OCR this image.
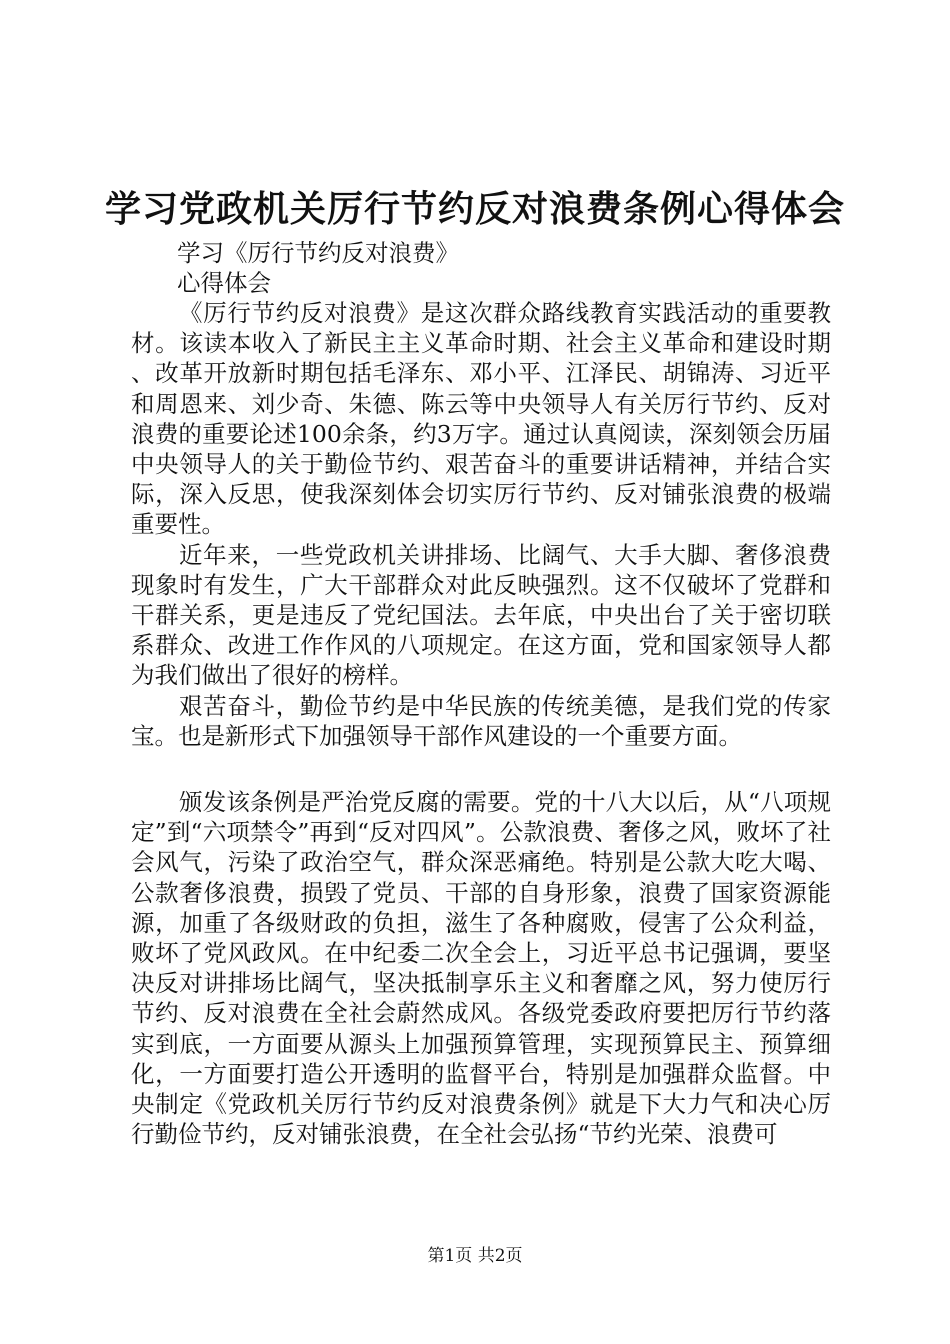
学习党政机关厉行节约反对浪费条例心得体会
学习《厉行节约反对浪费》
心得体会

《厉行节约反对浪费》是这次群众路线教育实践活动的重要教材。该读本收入了新民主主义革命时期、社会主义革命和建设时期、改革开放新时期包括毛泽东、邓小平、江泽民、胡锦涛、习近平和周恩来、刘少奇、朱德、陈云等中央领导人有关厉行节约、反对浪费的重要论述100余条，约3万字。通过认真阅读，深刻领会历届中央领导人的关于勤俭节约、艰苦奋斗的重要讲话精神，并结合实际，深入反思，使我深刻体会切实厉行节约、反对铺张浪费的极端重要性。

近年来，一些党政机关讲排场、比阔气、大手大脚、奢侈浪费现象时有发生，广大干部群众对此反映强烈。这不仅破坏了党群和干群关系，更是违反了党纪国法。去年底，中央出台了关于密切联系群众、改进工作作风的八项规定。在这方面，党和国家领导人都为我们做出了很好的榜样。

艰苦奋斗，勤俭节约是中华民族的传统美德，是我们党的传家宝。也是新形式下加强领导干部作风建设的一个重要方面。

颁发该条例是严治党反腐的需要。党的十八大以后，从“八项规定”到“六项禁令”再到“反对四风”。公款浪费、奢侈之风，败坏了社会风气，污染了政治空气，群众深恶痛绝。特别是公款大吃大喝、公款奢侈浪费，损毁了党员、干部的自身形象，浪费了国家资源能源，加重了各级财政的负担，滋生了各种腐败，侵害了公众利益，败坏了党风政风。在中纪委二次全会上，习近平总书记强调，要坚决反对讲排场比阔气，坚决抵制享乐主义和奢靡之风，努力使厉行节约、反对浪费在全社会蔚然成风。各级党委政府要把厉行节约落实到底，一方面要从源头上加强预算管理，实现预算民主、预算细化，一方面要打造公开透明的监督平台，特别是加强群众监督。中央制定《党政机关厉行节约反对浪费条例》就是下大力气和决心厉行勤俭节约，反对铺张浪费，在全社会弘扬“节约光荣、浪费可

第1页 共2页
